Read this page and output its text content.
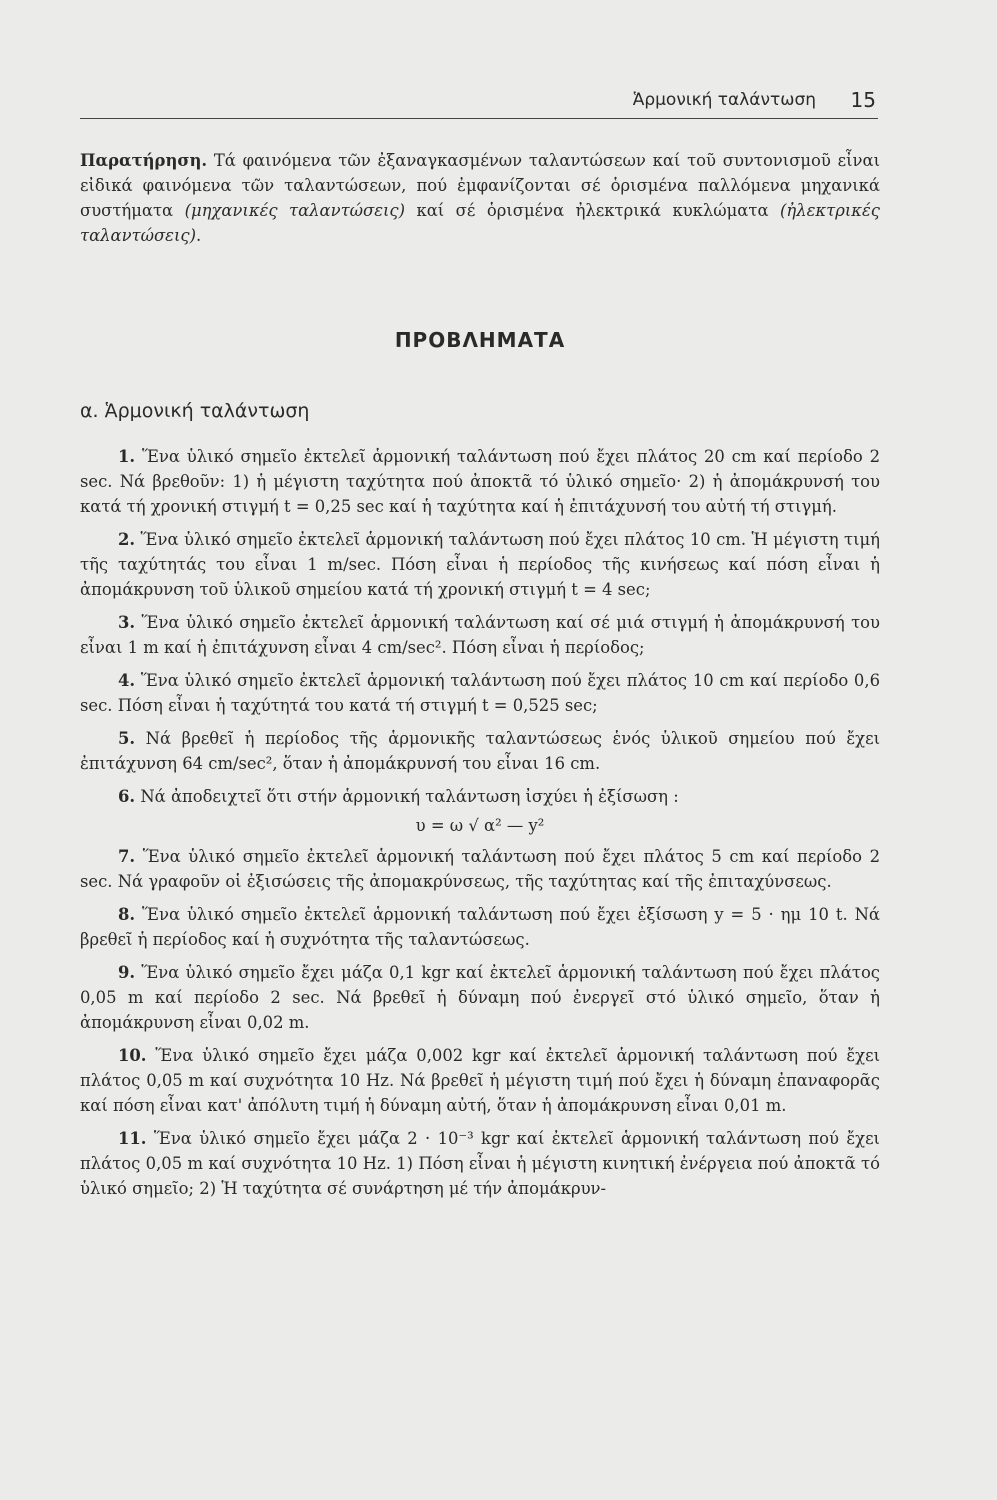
Ἁρμονική ταλάντωση 15

Παρατήρηση. Τά φαινόμενα τῶν ἐξαναγκασμένων ταλαντώσεων καί τοῦ συντονισμοῦ εἶναι εἰδικά φαινόμενα τῶν ταλαντώσεων, πού ἐμφανίζονται σέ ὁρισμένα παλλόμενα μηχανικά συστήματα (μηχανικές ταλαντώσεις) καί σέ ὁρισμένα ἠλεκτρικά κυκλώματα (ἠλεκτρικές ταλαντώσεις).

ΠΡΟΒΛΗΜΑΤΑ
α. Ἁρμονική ταλάντωση

1. Ἕνα ὑλικό σημεῖο ἐκτελεῖ ἁρμονική ταλάντωση πού ἔχει πλάτος 20 cm καί περίοδο 2 sec. Νά βρεθοῦν: 1) ἡ μέγιστη ταχύτητα πού ἀποκτᾶ τό ὑλικό σημεῖο· 2) ἡ ἀπομάκρυνσή του κατά τή χρονική στιγμή t = 0,25 sec καί ἡ ταχύτητα καί ἡ ἐπιτάχυνσή του αὐτή τή στιγμή.

2. Ἕνα ὑλικό σημεῖο ἐκτελεῖ ἁρμονική ταλάντωση πού ἔχει πλάτος 10 cm. Ἡ μέγιστη τιμή τῆς ταχύτητάς του εἶναι 1 m/sec. Πόση εἶναι ἡ περίοδος τῆς κινήσεως καί πόση εἶναι ἡ ἀπομάκρυνση τοῦ ὑλικοῦ σημείου κατά τή χρονική στιγμή t = 4 sec;

3. Ἕνα ὑλικό σημεῖο ἐκτελεῖ ἁρμονική ταλάντωση καί σέ μιά στιγμή ἡ ἀπομάκρυνσή του εἶναι 1 m καί ἡ ἐπιτάχυνση εἶναι 4 cm/sec². Πόση εἶναι ἡ περίοδος;

4. Ἕνα ὑλικό σημεῖο ἐκτελεῖ ἁρμονική ταλάντωση πού ἔχει πλάτος 10 cm καί περίοδο 0,6 sec. Πόση εἶναι ἡ ταχύτητά του κατά τή στιγμή t = 0,525 sec;

5. Νά βρεθεῖ ἡ περίοδος τῆς ἁρμονικῆς ταλαντώσεως ἑνός ὑλικοῦ σημείου πού ἔχει ἐπιτάχυνση 64 cm/sec², ὅταν ἡ ἀπομάκρυνσή του εἶναι 16 cm.

6. Νά ἀποδειχτεῖ ὅτι στήν ἁρμονική ταλάντωση ἰσχύει ἡ ἐξίσωση :

υ = ω √ α² — y²

7. Ἕνα ὑλικό σημεῖο ἐκτελεῖ ἁρμονική ταλάντωση πού ἔχει πλάτος 5 cm καί περίοδο 2 sec. Νά γραφοῦν οἱ ἐξισώσεις τῆς ἀπομακρύνσεως, τῆς ταχύτητας καί τῆς ἐπιταχύνσεως.

8. Ἕνα ὑλικό σημεῖο ἐκτελεῖ ἁρμονική ταλάντωση πού ἔχει ἐξίσωση y = 5 · ημ 10 t. Νά βρεθεῖ ἡ περίοδος καί ἡ συχνότητα τῆς ταλαντώσεως.

9. Ἕνα ὑλικό σημεῖο ἔχει μάζα 0,1 kgr καί ἐκτελεῖ ἁρμονική ταλάντωση πού ἔχει πλάτος 0,05 m καί περίοδο 2 sec. Νά βρεθεῖ ἡ δύναμη πού ἐνεργεῖ στό ὑλικό σημεῖο, ὅταν ἡ ἀπομάκρυνση εἶναι 0,02 m.

10. Ἕνα ὑλικό σημεῖο ἔχει μάζα 0,002 kgr καί ἐκτελεῖ ἁρμονική ταλάντωση πού ἔχει πλάτος 0,05 m καί συχνότητα 10 Hz. Νά βρεθεῖ ἡ μέγιστη τιμή πού ἔχει ἡ δύναμη ἐπαναφορᾶς καί πόση εἶναι κατ' ἀπόλυτη τιμή ἡ δύναμη αὐτή, ὅταν ἡ ἀπομάκρυνση εἶναι 0,01 m.

11. Ἕνα ὑλικό σημεῖο ἔχει μάζα 2 · 10⁻³ kgr καί ἐκτελεῖ ἁρμονική ταλάντωση πού ἔχει πλάτος 0,05 m καί συχνότητα 10 Hz. 1) Πόση εἶναι ἡ μέγιστη κινητική ἐνέργεια πού ἀποκτᾶ τό ὑλικό σημεῖο; 2) Ἡ ταχύτητα σέ συνάρτηση μέ τήν ἀπομάκρυν-
